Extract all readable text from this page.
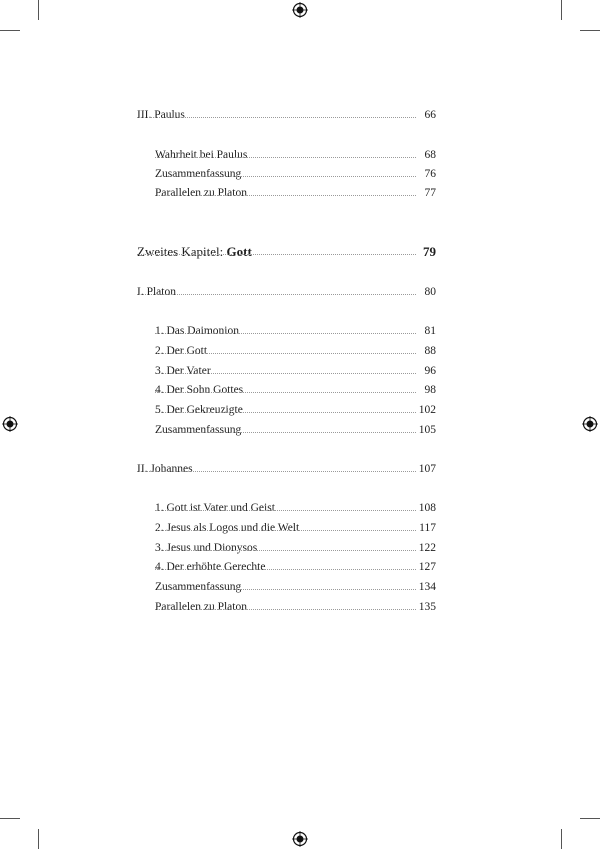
III. Paulus	66
Wahrheit bei Paulus	68
Zusammenfassung	76
Parallelen zu Platon	77
Zweites Kapitel: Gott	79
I. Platon	80
1. Das Daimonion	81
2. Der Gott	88
3. Der Vater	96
4. Der Sohn Gottes	98
5. Der Gekreuzigte	102
Zusammenfassung	105
II. Johannes	107
1. Gott ist Vater und Geist	108
2. Jesus als Logos und die Welt	117
3. Jesus und Dionysos	122
4. Der erhöhte Gerechte	127
Zusammenfassung	134
Parallelen zu Platon	135
